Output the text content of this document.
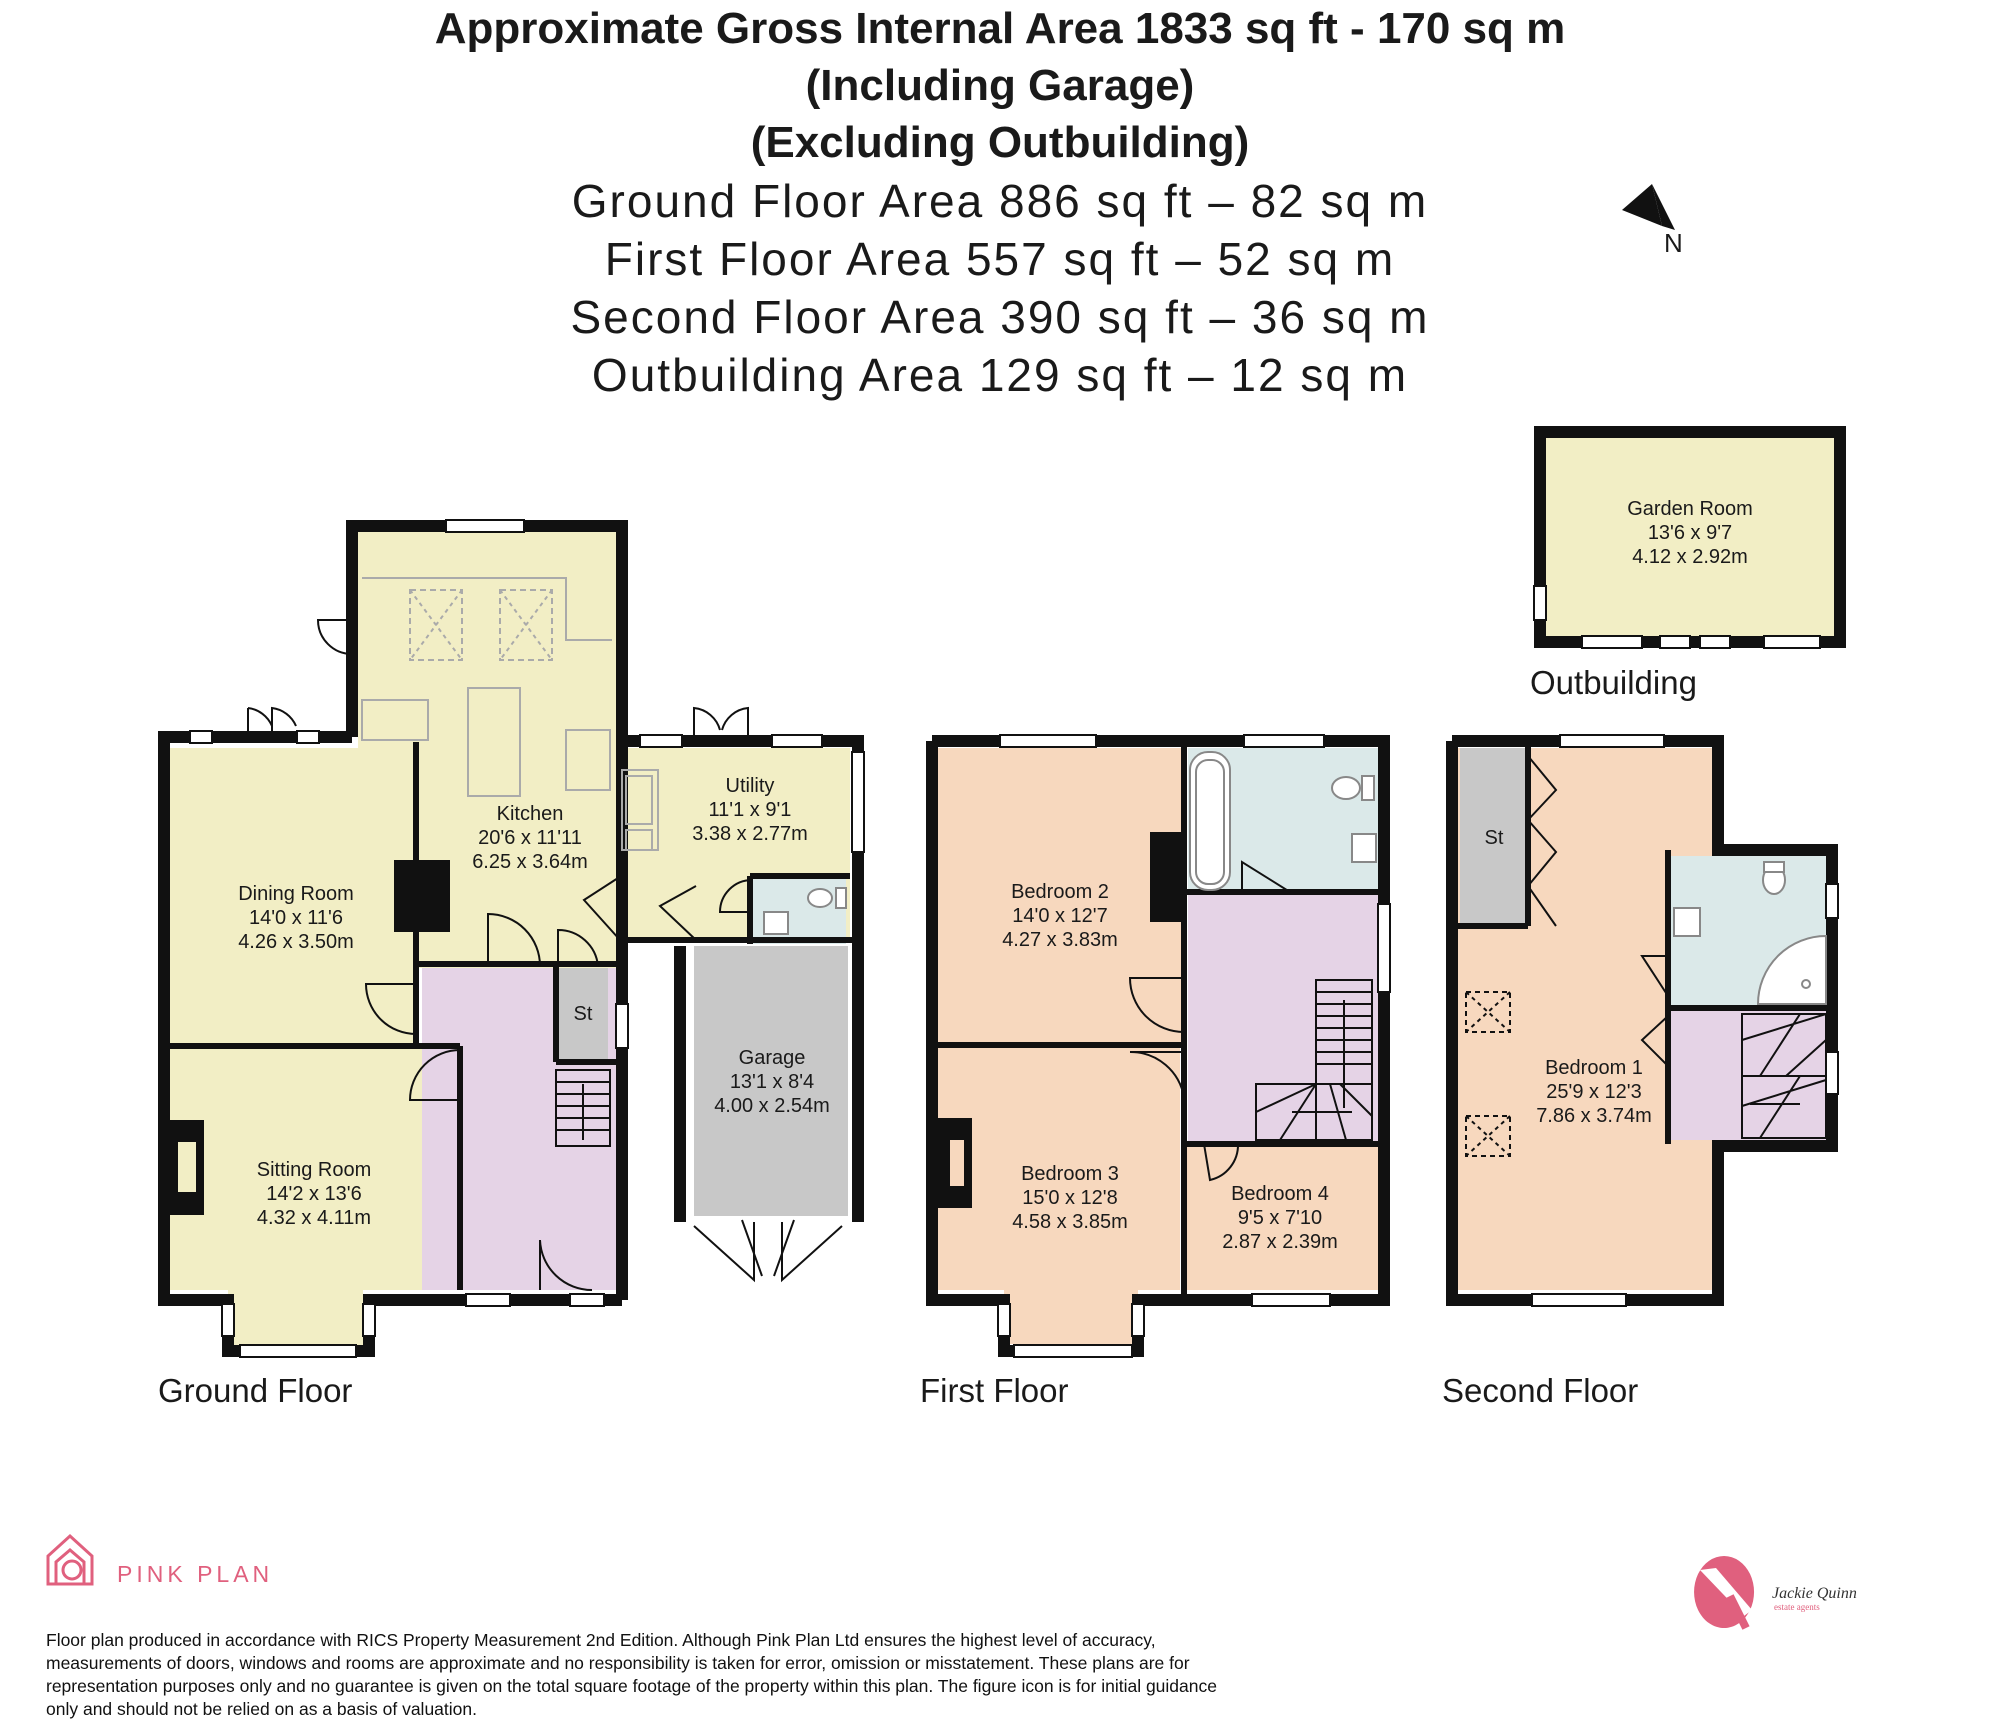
Approximate Gross Internal Area 1833 sq ft - 170 sq m
(Including Garage)
(Excluding Outbuilding)
Ground Floor Area 886 sq ft – 82 sq m
First Floor Area 557 sq ft – 52 sq m
Second Floor Area 390 sq ft – 36 sq m
Outbuilding Area 129 sq ft – 12 sq m
N
Kitchen
20'6 x 11'11
6.25 x 3.64m
Utility
11'1 x 9'1
3.38 x 2.77m
Dining Room
14'0 x 11'6
4.26 x 3.50m
Sitting Room
14'2 x 13'6
4.32 x 4.11m
Garage
13'1 x 8'4
4.00 x 2.54m
St
Ground Floor
Bedroom 2
14'0 x 12'7
4.27 x 3.83m
Bedroom 3
15'0 x 12'8
4.58 x 3.85m
Bedroom 4
9'5 x 7'10
2.87 x 2.39m
First Floor
Bedroom 1
25'9 x 12'3
7.86 x 3.74m
St
Second Floor
Garden Room
13'6 x 9'7
4.12 x 2.92m
Outbuilding
PINK PLAN
Jackie Quinn
estate agents
Floor plan produced in accordance with RICS Property Measurement 2nd Edition. Although Pink Plan Ltd ensures the highest level of accuracy, measurements of doors, windows and rooms are approximate and no responsibility is taken for error, omission or misstatement. These plans are for representation purposes only and no guarantee is given on the total square footage of the property within this plan. The figure icon is for initial guidance only and should not be relied on as a basis of valuation.
